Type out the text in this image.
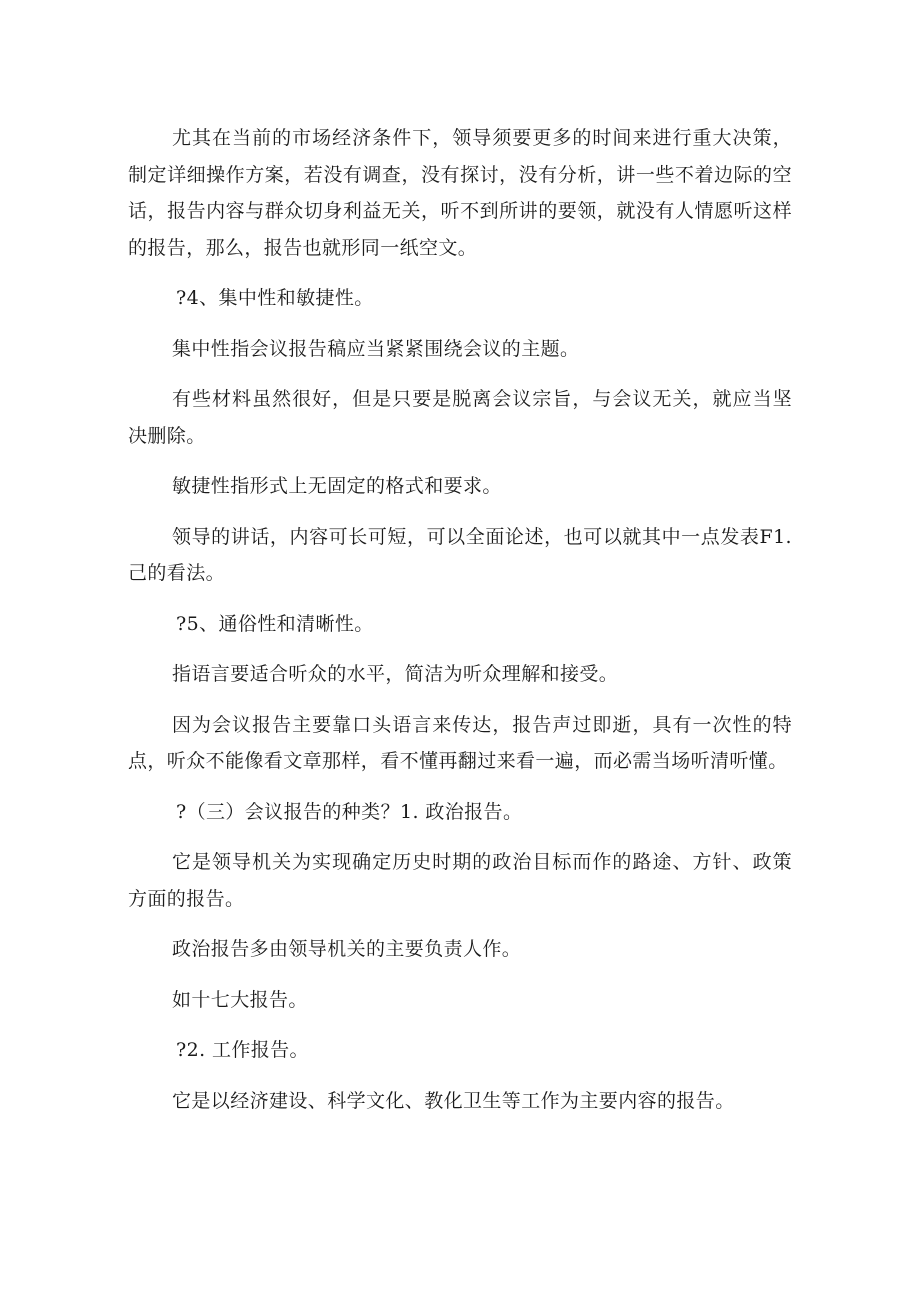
尤其在当前的市场经济条件下，领导须要更多的时间来进行重大决策，制定详细操作方案，若没有调查，没有探讨，没有分析，讲一些不着边际的空话，报告内容与群众切身利益无关，听不到所讲的要领，就没有人情愿听这样的报告，那么，报告也就形同一纸空文。

?4、集中性和敏捷性。

集中性指会议报告稿应当紧紧围绕会议的主题。

有些材料虽然很好，但是只要是脱离会议宗旨，与会议无关，就应当坚决删除。

敏捷性指形式上无固定的格式和要求。

领导的讲话，内容可长可短，可以全面论述，也可以就其中一点发表F1. 己的看法。

?5、通俗性和清晰性。

指语言要适合听众的水平，简洁为听众理解和接受。

因为会议报告主要靠口头语言来传达，报告声过即逝，具有一次性的特点，听众不能像看文章那样，看不懂再翻过来看一遍，而必需当场听清听懂。

?（三）会议报告的种类？1. 政治报告。

它是领导机关为实现确定历史时期的政治目标而作的路途、方针、政策方面的报告。

政治报告多由领导机关的主要负责人作。

如十七大报告。

?2. 工作报告。

它是以经济建设、科学文化、教化卫生等工作为主要内容的报告。
